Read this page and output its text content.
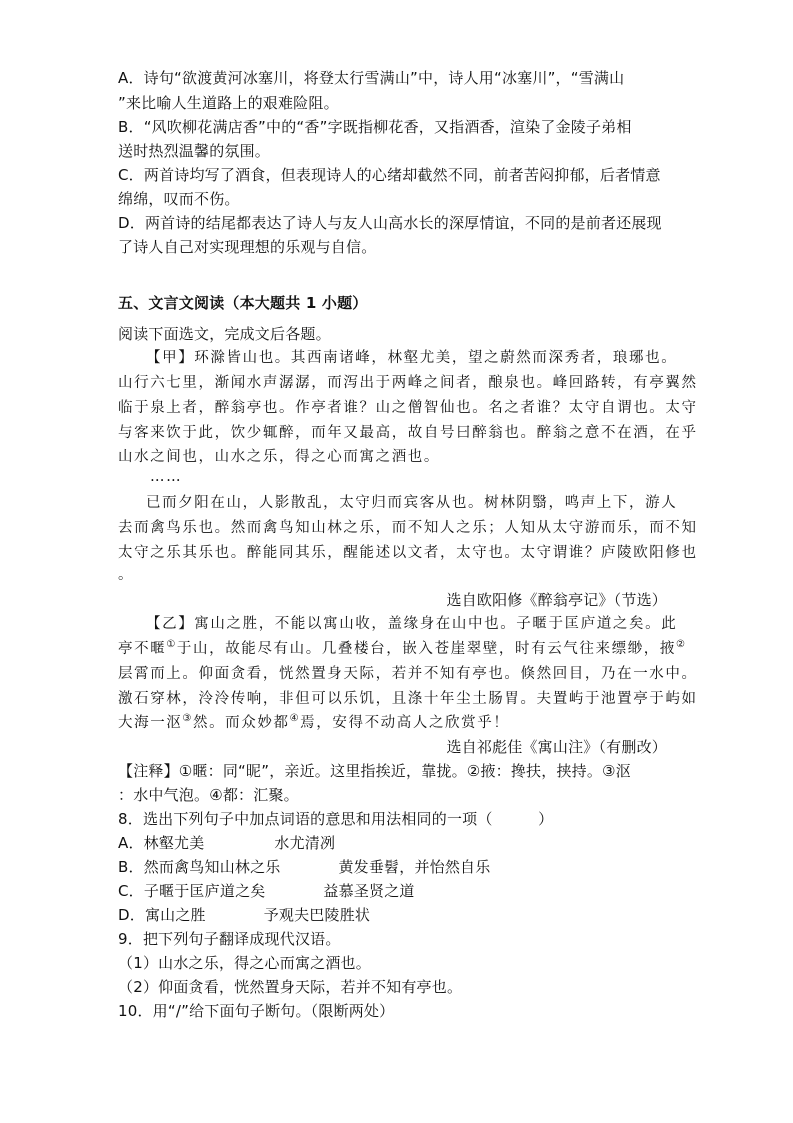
A．诗句“欲渡黄河冰塞川，将登太行雪满山”中，诗人用“冰塞川”，“雪满山
”来比喻人生道路上的艰难险阻。
B．“风吹柳花满店香”中的“香”字既指柳花香，又指酒香，渲染了金陵子弟相
送时热烈温馨的氛围。
C．两首诗均写了酒食，但表现诗人的心绪却截然不同，前者苦闷抑郁，后者情意
绵绵，叹而不伤。
D．两首诗的结尾都表达了诗人与友人山高水长的深厚情谊，不同的是前者还展现
了诗人自己对实现理想的乐观与自信。
五、文言文阅读（本大题共 1 小题）
阅读下面选文，完成文后各题。
【甲】环滁皆山也。其西南诸峰，林壑尤美，望之蔚然而深秀者，琅琊也。
山行六七里，渐闻水声潺潺，而泻出于两峰之间者，酿泉也。峰回路转，有亭翼然
临于泉上者，醉翁亭也。作亭者谁？山之僧智仙也。名之者谁？太守自谓也。太守
与客来饮于此，饮少辄醉，而年又最高，故自号曰醉翁也。醉翁之意不在酒，在乎
山水之间也，山水之乐，得之心而寓之酒也。
……
已而夕阳在山，人影散乱，太守归而宾客从也。树林阴翳，鸣声上下，游人
去而禽鸟乐也。然而禽鸟知山林之乐，而不知人之乐；人知从太守游而乐，而不知
太守之乐其乐也。醉能同其乐，醒能述以文者，太守也。太守谓谁？庐陵欧阳修也
。
选自欧阳修《醉翁亭记》（节选）
【乙】寓山之胜，不能以寓山收，盖缘身在山中也。子暱于匡庐道之矣。此
亭不暱①于山，故能尽有山。几叠楼台，嵌入苍崖翠壁，时有云气往来缥缈，掖②
层霄而上。仰面贪看，恍然置身天际，若并不知有亭也。倏然回目，乃在一水中。
激石穿林，泠泠传响，非但可以乐饥，且涤十年尘土肠胃。夫置屿于池置亭于屿如
大海一沤③然。而众妙都④焉，安得不动高人之欣赏乎！
选自祁彪佳《寓山注》（有删改）
【注释】①暱：同“昵”，亲近。这里指挨近，靠拢。②掖：搀扶，挟持。③沤
：水中气泡。④都：汇聚。
8．选出下列句子中加点词语的意思和用法相同的一项（　　　）
A．林壑尤美	水尤清冽
B．然而禽鸟知山林之乐	黄发垂髫，并怡然自乐
C．子暱于匡庐道之矣	益慕圣贤之道
D．寓山之胜	予观夫巴陵胜状
9．把下列句子翻译成现代汉语。
（1）山水之乐，得之心而寓之酒也。
（2）仰面贪看，恍然置身天际，若并不知有亭也。
10．用“/”给下面句子断句。（限断两处）
